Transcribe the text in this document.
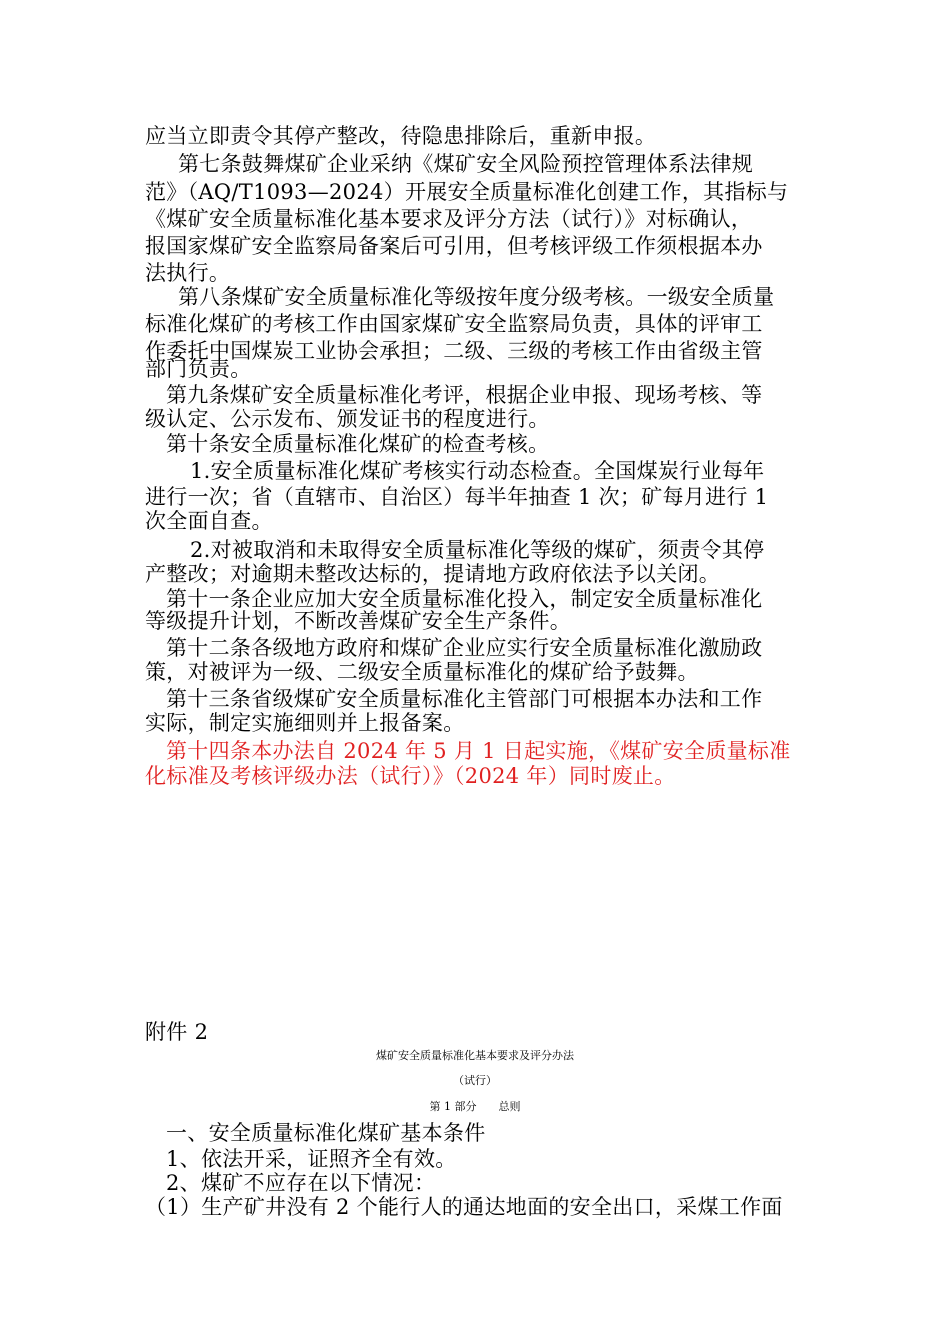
应当立即责令其停产整改，待隐患排除后，重新申报。
第七条鼓舞煤矿企业采纳《煤矿安全风险预控管理体系法律规
范》（AQ/T1093—2024）开展安全质量标准化创建工作，其指标与
《煤矿安全质量标准化基本要求及评分方法（试行）》对标确认，
报国家煤矿安全监察局备案后可引用，但考核评级工作须根据本办
法执行。
第八条煤矿安全质量标准化等级按年度分级考核。一级安全质量
标准化煤矿的考核工作由国家煤矿安全监察局负责，具体的评审工
作委托中国煤炭工业协会承担；二级、三级的考核工作由省级主管
部门负责。
第九条煤矿安全质量标准化考评，根据企业申报、现场考核、等
级认定、公示发布、颁发证书的程度进行。
第十条安全质量标准化煤矿的检查考核。
1.安全质量标准化煤矿考核实行动态检查。全国煤炭行业每年
进行一次；省（直辖市、自治区）每半年抽查 1 次；矿每月进行 1
次全面自查。
2.对被取消和未取得安全质量标准化等级的煤矿，须责令其停
产整改；对逾期未整改达标的，提请地方政府依法予以关闭。
第十一条企业应加大安全质量标准化投入，制定安全质量标准化
等级提升计划，不断改善煤矿安全生产条件。
第十二条各级地方政府和煤矿企业应实行安全质量标准化激励政
策，对被评为一级、二级安全质量标准化的煤矿给予鼓舞。
第十三条省级煤矿安全质量标准化主管部门可根据本办法和工作
实际，制定实施细则并上报备案。
第十四条本办法自 2024 年 5 月 1 日起实施，《煤矿安全质量标准
化标准及考核评级办法（试行）》（2024 年）同时废止。
附件 2
煤矿安全质量标准化基本要求及评分办法
（试行）
第 1 部分　　总则
一、安全质量标准化煤矿基本条件
1、依法开采，证照齐全有效。
2、煤矿不应存在以下情况：
（1）生产矿井没有 2 个能行人的通达地面的安全出口，采煤工作面
